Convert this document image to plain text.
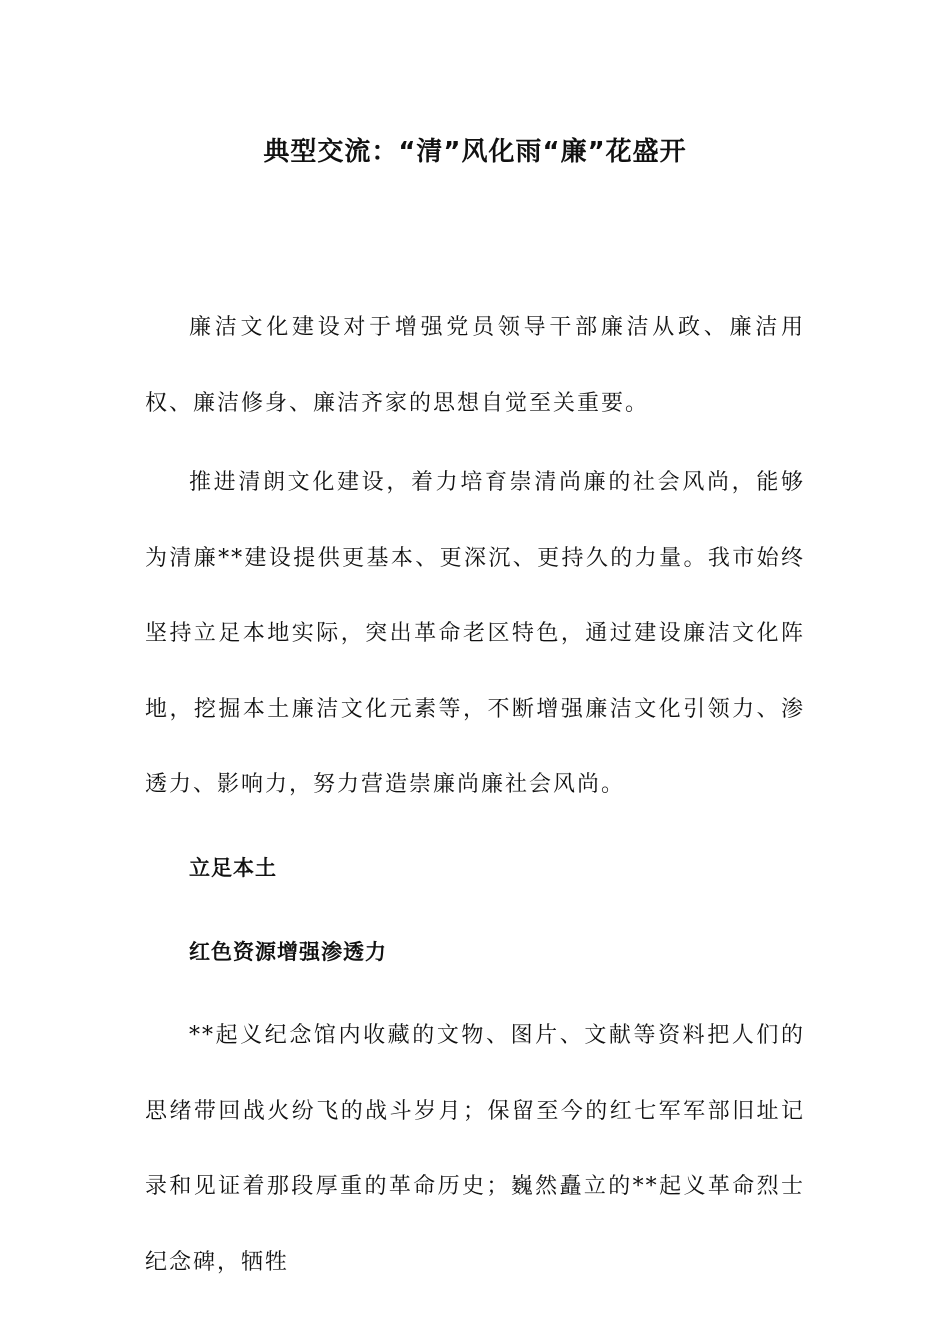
典型交流：“清”风化雨“廉”花盛开

廉洁文化建设对于增强党员领导干部廉洁从政、廉洁用权、廉洁修身、廉洁齐家的思想自觉至关重要。

推进清朗文化建设，着力培育崇清尚廉的社会风尚，能够为清廉**建设提供更基本、更深沉、更持久的力量。我市始终坚持立足本地实际，突出革命老区特色，通过建设廉洁文化阵地，挖掘本土廉洁文化元素等，不断增强廉洁文化引领力、渗透力、影响力，努力营造崇廉尚廉社会风尚。

立足本土

红色资源增强渗透力

**起义纪念馆内收藏的文物、图片、文献等资料把人们的思绪带回战火纷飞的战斗岁月；保留至今的红七军军部旧址记录和见证着那段厚重的革命历史；巍然矗立的**起义革命烈士纪念碑，牺牲
